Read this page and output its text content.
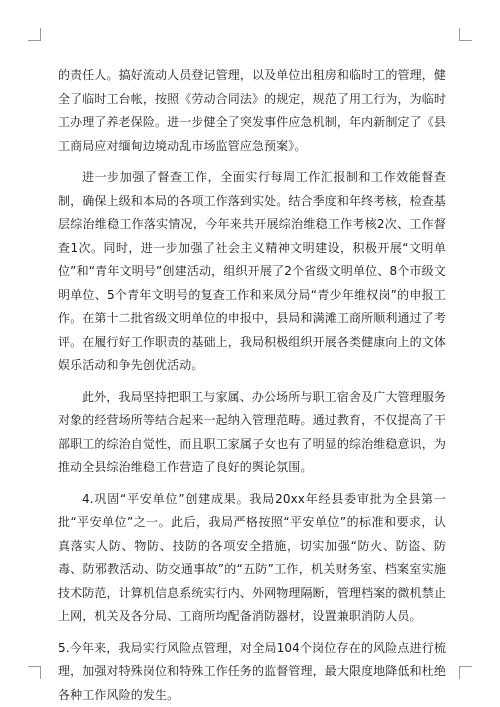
的责任人。搞好流动人员登记管理，以及单位出租房和临时工的管理，健全了临时工台帐，按照《劳动合同法》的规定，规范了用工行为，为临时工办理了养老保险。进一步健全了突发事件应急机制，年内新制定了《县工商局应对缅甸边境动乱市场监管应急预案》。

进一步加强了督查工作，全面实行每周工作汇报制和工作效能督查制，确保上级和本局的各项工作落到实处。结合季度和年终考核，检查基层综治维稳工作落实情况，今年来共开展综治维稳工作考核2次、工作督查1次。同时，进一步加强了社会主义精神文明建设，积极开展“文明单位”和“青年文明号”创建活动，组织开展了2个省级文明单位、8个市级文明单位、5个青年文明号的复查工作和来凤分局“青少年维权岗”的申报工作。在第十二批省级文明单位的申报中，县局和满滩工商所顺利通过了考评。在履行好工作职责的基础上，我局积极组织开展各类健康向上的文体娱乐活动和争先创优活动。

此外，我局坚持把职工与家属、办公场所与职工宿舍及广大管理服务对象的经营场所等结合起来一起纳入管理范畴。通过教育，不仅提高了干部职工的综治自觉性，而且职工家属子女也有了明显的综治维稳意识，为推动全县综治维稳工作营造了良好的舆论氛围。

4.巩固“平安单位”创建成果。我局20xx年经县委审批为全县第一批“平安单位”之一。此后，我局严格按照“平安单位”的标准和要求，认真落实人防、物防、技防的各项安全措施，切实加强“防火、防盗、防毒、防邪教活动、防交通事故”的“五防”工作，机关财务室、档案室实施技术防范，计算机信息系统实行内、外网物理隔断，管理档案的微机禁止上网，机关及各分局、工商所均配备消防器材，设置兼职消防人员。

5.今年来，我局实行风险点管理，对全局104个岗位存在的风险点进行梳理，加强对特殊岗位和特殊工作任务的监督管理，最大限度地降低和杜绝各种工作风险的发生。
